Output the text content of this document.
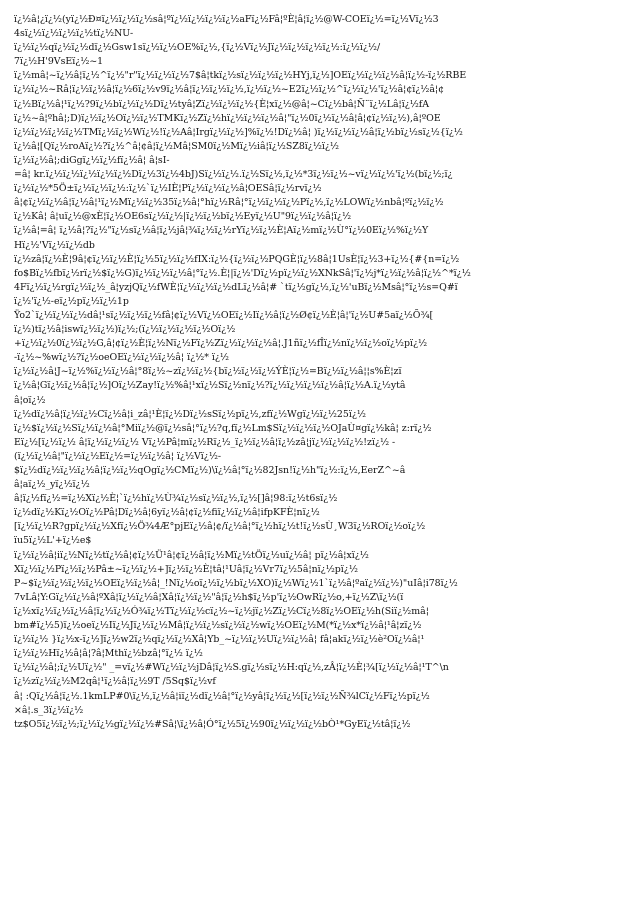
ï¿½â¦¿ï¿½(yï¿½Ð¤ï¿½ï¿½ï¿½sâ¦ºï¿½ï¿½ï¿½ï¿½aFï¿½Fâ¦ºÈ¦â¦ï¿½@W-COEï¿½=ï¿½Vï¿½3
4sï¿½ï¿½ï¿½ï¿½tï¿½NU-
ï¿½ï¿½qï¿½ï¿½dï¿½Gsw1sï¿½ï¿½OE%ï¿½,{ï¿½Vï¿½Jï¿½ï¿½ï¿½ï¿½:ï¿½ï¿½/
7ï¿½H'9VsEï¿½~1
ï¿½mâ¦~ï¿½â¦ï¿½^ï¿½"r"ï¿½ï¿½ï¿½7$â¦tkï¿½sï¿½ï¿½ï¿½HYj,ï¿½]OEï¿½ï¿½ï¿½â¦ï¿½-ï¿½RBE
ï¿½ï¿½~Râ¦ï¿½ï¿½â¦ï¿½6ï¿½v9ï¿½â¦ï¿½ï¿½ï¿½,ï¿½ï¿½~E2ï¿½ï¿½^ï¿½ï¿½'ï¿½â¦¢ï¿½â¦¢
ï¿½Bï¿½â¦¹ï¿½?9ï¿½bï¿½ï¿½Dï¿½tyâ¦Zï¿½ï¿½ï¿½{È¦xï¿½@â¦~Cï¿½bâ¦Ñ¨ï¿½Lâ¦ï¿½fA
ï¿½~â¦ºhâ¦;D)ï¿½ï¿½Oï¿½ï¿½TMKï¿½Zï¿½hï¿½ï¿½ï¿½â¦"ï¿½0ï¿½ï¿½â¦â¦¢ï¿½ï¿½),â¦ºOE
ï¿½ï¿½ï¿½ï¿½TMï¿½ï¿½Wï¿½!ï¿½Aâ¦Irgï¿½ï¿½]%ï¿½!Dï¿½â¦ )ï¿½ï¿½ï¿½â¦ï¿½bï¿½sï¿½{ï¿½
ï¿½â¦[Qï¿½roAï¿½?ï¿½^â¦¢â¦ï¿½Mâ¦SM0ï¿½Mï¿½iâ¦ï¿½SZ8ï¿½ï¿½
ï¿½ï¿½â¦;diGgï¿½ï¿½fï¿½â¦ â¦sI-
=â¦ kr.ï¿½ï¿½ï¿½ï¿½ï¿½Dï¿½3ï¿½4bJ)Sï¿½ï¿½.ï¿½Sï¿½,ï¿½*3ï¿½ï¿½~vï¿½ï¿½'ï¿½(bï¿½;ï¿
ï¿½ï¿½*5Ö±ï¿½ï¿½ï¿½:ï¿½`ï¿½IÈ¦Pï¿½ï¿½ï¿½â¦OESâ¦ï¿½rvï¿½
â¦¢ï¿½ï¿½â¦ï¿½â¦¹ï¿½Mï¿½ï¿½35ï¿½â¦°hï¿½Râ¦°ï¿½ï¿½ï¿½Pï¿½,ï¿½LOWï¿½nbâ¦ºï¿½ï¿½
ï¿½Kâ¦ â¦uï¿½@xÈ¦ï¿½OE6sï¿½ï¿½|ï¿½ï¿½bï¿½Eyï¿½U"9ï¿½ï¿½â¦ï¿½
ï¿½â¦=â¦ ï¿½â¦?ï¿½"ï¿½sï¿½â¦ï¿½jâ¦¾ï¿½ï¿½rYï¿½ï¿½È¦Aï¿½mï¿½Ù°ï¿½0Eï¿½%ï¿½Y
Hï¿½'Vï¿½ï¿½db
ï¿½zâ¦ï¿½È¦9â¦¢ï¿½ï¿½È¦ï¿½5ï¿½ï¿½fIX:ï¿½{ï¿½ï¿½PQGÈ¦ï¿½8â¦1UsÈ¦ï¿½3+ï¿½{#{n=ï¿½
fo$Bï¿½fbï¿½rï¿½$ï¿½G)ï¿½ï¿½ï¿½â¦°ï¿½.È¦|ï¿½'Dï¿½pï¿½ï¿½XNkSâ¦'ï¿½j*ï¿½ï¿½â¦ï¿½^*ï¿½
4Fï¿½ï¿½rgï¿½ï¿½_â¦yzjQï¿½fWÈ¦ï¿½ï¿½ï¿½dLï¿½â¦# `tï¿½gï¿½,ï¿½'uBï¿½Msâ¦°ï¿½s=Q#ï
ï¿½'ï¿½-eï¿½pï¿½ï¿½1p
Ÿo2`ï¿½ï¿½ï¿½dâ¦¹sï¿½ï¿½ï¿½fâ¦¢ï¿½Vï¿½OEï¿½Iï¿½â¦ï¿½Ø¢ï¿½È¦â¦'ï¿½U#5aï¿½Õ¾[
ï¿½)tï¿½â¦iswï¿½ï¿½)ï¿½;(ï¿½ï¿½ï¿½ï¿½Oï¿½
+ï¿½ï¿½0ï¿½ï¿½G,â¦¢ï¿½È¦ï¿½Nï¿½Fï¿½Zï¿½ï¿½ï¿½â¦.J1ñï¿½fÎï¿½nï¿½ï¿½oï¿½pï¿½
-ï¿½~%wï¿½?ï¿½oeOEï¿½ï¿½ï¿½â¦ ï¿½* ï¿½
ï¿½ï¿½â¦J~ï¿½%ï¿½ï¿½â¦°8ï¿½~zï¿½ï¿½{bï¿½ï¿½ï¿½ÝÈ¦ï¿½=Bï¿½ï¿½â¦¦s%È¦zï
ï¿½â¦Gï¿½ï¿½â¦ï¿½]Oï¿½Zay!ï¿½%â¦¹xï¿½Sï¿½nï¿½?ï¿½ï¿½ï¿½ï¿½â¦ï¿½A.ï¿½ytâ
â¦oï¿½
ï¿½dï¿½â¦ï¿½ï¿½Cï¿½â¦i_zâ¦¹È¦ï¿½Dï¿½sSï¿½pï¿½,zfï¿½Wgï¿½ï¿½25ï¿½
ï¿½$ï¿½ï¿½Sï¿½ï¿½â¦°Miï¿½@ï¿½sâ¦°ï¿½?q,fï¿½Lm$Sï¿½ï¿½ï¿½OJaÙ¤gï¿½kâ¦ z:rï¿½
Eï¿½[ï¿½ï¿½ â¦ï¿½ï¿½ï¿½ Vï¿½Pâ¦mï¿½Rï¿½_ï¿½ï¿½â¦ï¿½zâ¦jï¿½ï¿½ï¿½!zï¿½ -
(ï¿½ï¿½â¦"ï¿½ï¿½Eï¿½=ï¿½ï¿½â¦ ï¿½Vï¿½-
$ï¿½dï¿½ï¿½ï¿½â¦ï¿½ï¿½qOgï¿½CMï¿½)\ï¿½â¦°ï¿½82Jsn!ï¿½h"ï¿½:ï¿½,EerZ^~â
â¦aï¿½_yï¿½ï¿½
â¦ï¿½fï¿½=ï¿½Xï¿½È¦`ï¿½hï¿½Ù¾ï¿½sï¿½ï¿½,ï¿½[]â¦98:ï¿½t6sï¿½
ï¿½dï¿½Kï¿½Oï¿½Pâ¦Dï¿½â¦6yï¿½â¦¢ï¿½fiï¿½ï¿½â¦ifpKFÈ¦nï¿½
[ï¿½ï¿½R?gpï¿½ï¿½Xfï¿½Ö¾4Æ°pjEï¿½â¦¢/ï¿½â¦°ï¿½hï¿½t!ï¿½sÙ¸W3ï¿½ROï¿½oï¿½
ïu5ï¿½L'+ï¿½e$
ï¿½ï¿½â¦iï¿½Nï¿½tï¿½â¦¢ï¿½Ü¹â¦¢ï¿½â¦ï¿½Mï¿½tÖï¿½uï¿½â¦ pï¿½â¦xï¿½
Xï¿½ï¿½Pï¿½ï¿½Pâ±~ï¿½ï¿½+]ï¿½ï¿½È¦tâ¦¹Uâ¦ï¿½Vr7ï¿½5â¦nï¿½pï¿½
P~$ï¿½ï¿½ï¿½ï¿½OEï¿½ï¿½â¦_!Nï¿½oï¿½ï¿½bï¿½XO)ï¿½Wï¿½1`ï¿½â¦ºaï¿½ï¿½)"uIâ¦i78ï¿½
7vLâ¦Y:Gï¿½ï¿½â¦ºXâ¦ï¿½ï¿½â¦Xâ¦ï¿½ï¿½"â¦ï¿½h$ï¿½p'ï¿½OwRï¿½o,+ï¿½Z\ï¿½(ï
ï¿½xï¿½ï¿½ï¿½â¦ï¿½ï¿½Ó¾ï¿½Tï¿½ï¿½cï¿½~ï¿½jï¿½Zï¿½Cï¿½8ï¿½OEï¿½h(Siï¿½mâ¦
bm#ï¿½5)ï¿½oeï¿½Iï¿½Jï¿½ï¿½Mâ¦ï¿½ï¿½sï¿½ï¿½wï¿½OEï¿½M(*ï¿½x*ï¿½â¦¹â¦zï¿½
ï¿½ï¿½ }ï¿½x-ï¿½]ï¿½w2ï¿½qï¿½ï¿½Xâ¦Yb_~ï¿½ï¿½Uï¿½ï¿½â¦ fâ¦akï¿½ï¿½è²Oï¿½â¦¹
ï¿½ï¿½Hï¿½â¦â¦?â¦Mthï¿½bzâ¦°ï¿½ ï¿½
ï¿½ï¿½â¦;ï¿½Uï¿½" _=vï¿½#Wï¿½ï¿½jDâ¦ï¿½S.gï¿½sï¿½H:qï¿½,zÂ¦ï¿½È¦¾[ï¿½ï¿½â¦¹T^\n
ï¿½zï¿½ï¿½M2qâ¦¹ï¿½â¦ï¿½9T /5Sq$ï¿½vf
â¦ :Qï¿½â¦ï¿½.1kmLP#0\ï¿½,ï¿½â¦iï¿½dï¿½â¦°ï¿½yâ¦ï¿½ï¿½[ï¿½ï¿½Ñ¾lCï¿½Fï¿½pï¿½
×â¦.s_3ï¿½ï¿½
tz$O5ï¿½ï¿½;ï¿½ï¿½gï¿½ï¿½#Sâ¦\ï¿½â¦Ó°ï¿½5ï¿½90ï¿½ï¿½ï¿½bÒ¹*GyEï¿½tâ¦ï¿½
